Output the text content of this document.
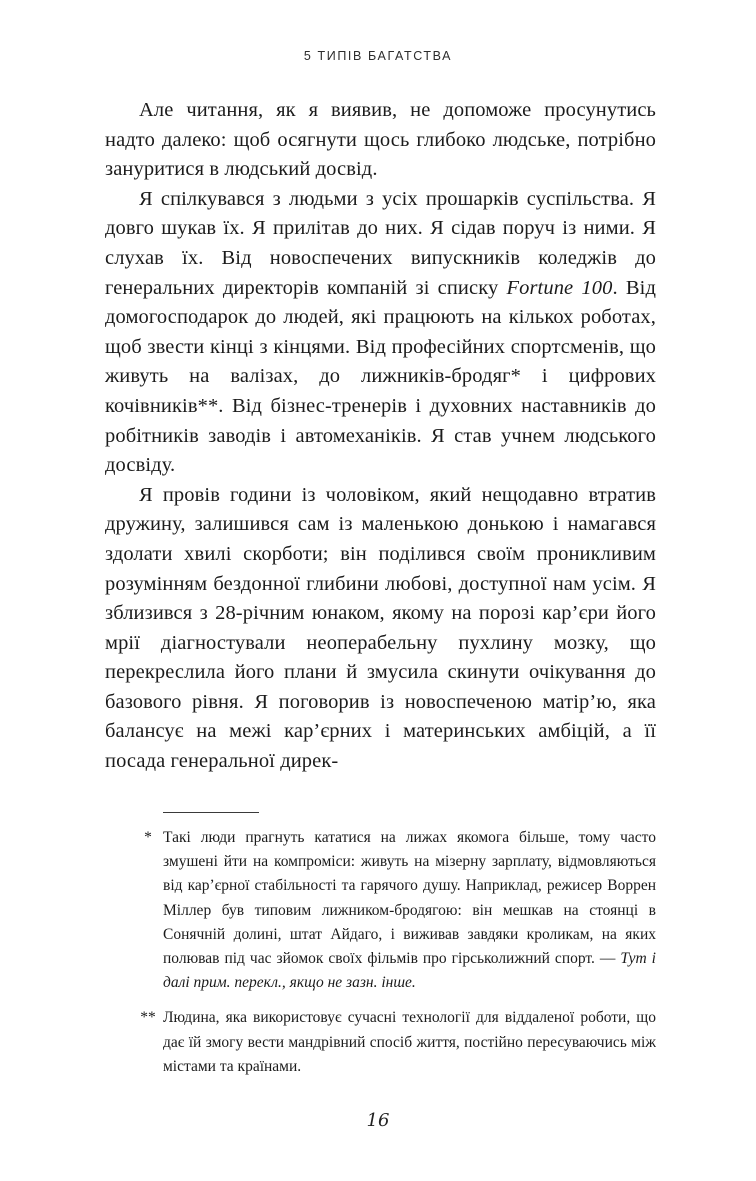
5 ТИПІВ БАГАТСТВА

Але читання, як я виявив, не допоможе просунутись надто далеко: щоб осягнути щось глибоко людське, потрібно зануритися в людський досвід.

Я спілкувався з людьми з усіх прошарків суспільства. Я довго шукав їх. Я прилітав до них. Я сідав поруч із ними. Я слухав їх. Від новоспечених випускників коледжів до генеральних директорів компаній зі списку Fortune 100. Від домогосподарок до людей, які працюють на кількох роботах, щоб звести кінці з кінцями. Від професійних спортсменів, що живуть на валізах, до лижників-бродяг* і цифрових кочівників**. Від бізнес-тренерів і духовних наставників до робітників заводів і автомеханіків. Я став учнем людського досвіду.

Я провів години із чоловіком, який нещодавно втратив дружину, залишився сам із маленькою донькою і намагався здолати хвилі скорботи; він поділився своїм проникливим розумінням бездонної глибини любові, доступної нам усім. Я зблизився з 28-річним юнаком, якому на порозі кар’єри його мрії діагностували неоперабельну пухлину мозку, що перекреслила його плани й змусила скинути очікування до базового рівня. Я поговорив із новоспеченою матір’ю, яка балансує на межі кар’єрних і материнських амбіцій, а її посада генеральної дирек-

* Такі люди прагнуть кататися на лижах якомога більше, тому часто змушені йти на компроміси: живуть на мізерну зарплату, відмовляються від кар’єрної стабільності та гарячого душу. Наприклад, режисер Воррен Міллер був типовим лижником-бродягою: він мешкав на стоянці в Сонячній долині, штат Айдаго, і виживав завдяки кроликам, на яких полював під час зйомок своїх фільмів про гірськолижний спорт. — Тут і далі прим. перекл., якщо не зазн. інше.
** Людина, яка використовує сучасні технології для віддаленої роботи, що дає їй змогу вести мандрівний спосіб життя, постійно пересуваючись між містами та країнами.
16
